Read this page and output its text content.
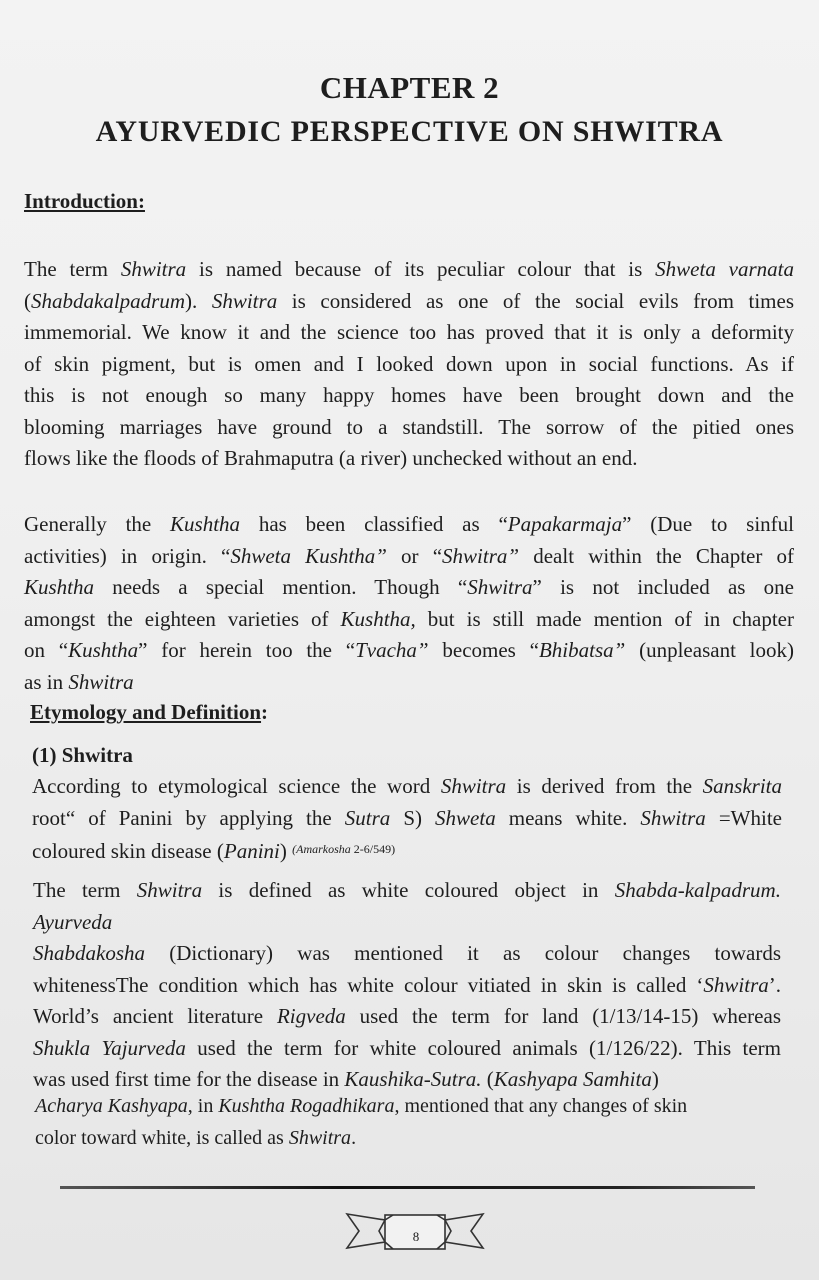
CHAPTER 2
AYURVEDIC PERSPECTIVE ON SHWITRA
Introduction:
The term Shwitra is named because of its peculiar colour that is Shweta varnata
(Shabdakalpadrum). Shwitra is considered as one of the social evils from times
immemorial. We know it and the science too has proved that it is only a deformity
of skin pigment, but is omen and I looked down upon in social functions. As if
this is not enough so many happy homes have been brought down and the
blooming marriages have ground to a standstill. The sorrow of the pitied ones
flows like the floods of Brahmaputra (a river) unchecked without an end.
Generally the Kushtha has been classified as “Papakarmaja” (Due to sinful
activities) in origin. “Shweta Kushtha” or “Shwitra” dealt within the Chapter of
Kushtha needs a special mention. Though “Shwitra” is not included as one
amongst the eighteen varieties of Kushtha, but is still made mention of in chapter
on “Kushtha” for herein too the “Tvacha” becomes “Bhibatsa” (unpleasant look)
as in Shwitra
Etymology and Definition:
(1) Shwitra
According to etymological science the word Shwitra is derived from the Sanskrita
root“ of Panini by applying the Sutra S) Shweta means white. Shwitra =White
coloured skin disease (Panini) $^{(Amarkosha 2-6/549)}$
The term Shwitra is defined as white coloured object in Shabda-kalpadrum.
Ayurveda
Shabdakosha (Dictionary) was mentioned it as colour changes towards
whitenessThe condition which has white colour vitiated in skin is called ‘Shwitra’.
World’s ancient literature Rigveda used the term for land (1/13/14-15) whereas
Shukla Yajurveda used the term for white coloured animals (1/126/22). This term
was used first time for the disease in Kaushika-Sutra. (Kashyapa Samhita)
Acharya Kashyapa, in Kushtha Rogadhikara, mentioned that any changes of skin
color toward white, is called as Shwitra.
8
